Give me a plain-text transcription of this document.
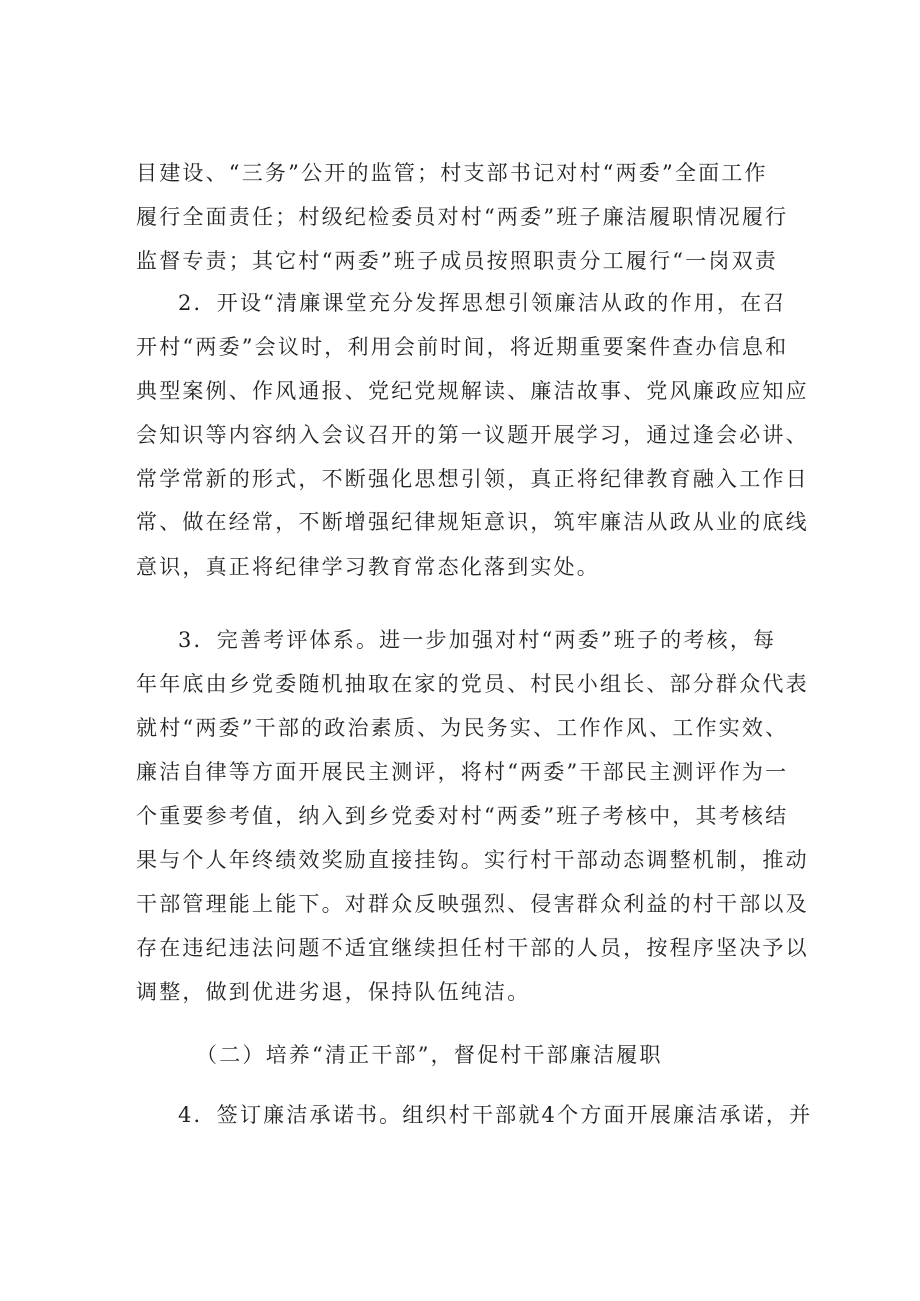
目建设、“三务”公开的监管；村支部书记对村“两委”全面工作
履行全面责任；村级纪检委员对村“两委”班子廉洁履职情况履行
监督专责；其它村“两委”班子成员按照职责分工履行“一岗双责
2．开设“清廉课堂充分发挥思想引领廉洁从政的作用，在召
开村“两委”会议时，利用会前时间，将近期重要案件查办信息和
典型案例、作风通报、党纪党规解读、廉洁故事、党风廉政应知应
会知识等内容纳入会议召开的第一议题开展学习，通过逢会必讲、
常学常新的形式，不断强化思想引领，真正将纪律教育融入工作日
常、做在经常，不断增强纪律规矩意识，筑牢廉洁从政从业的底线
意识，真正将纪律学习教育常态化落到实处。
3．完善考评体系。进一步加强对村“两委”班子的考核，每
年年底由乡党委随机抽取在家的党员、村民小组长、部分群众代表
就村“两委”干部的政治素质、为民务实、工作作风、工作实效、
廉洁自律等方面开展民主测评，将村“两委”干部民主测评作为一
个重要参考值，纳入到乡党委对村“两委”班子考核中，其考核结
果与个人年终绩效奖励直接挂钩。实行村干部动态调整机制，推动
干部管理能上能下。对群众反映强烈、侵害群众利益的村干部以及
存在违纪违法问题不适宜继续担任村干部的人员，按程序坚决予以
调整，做到优进劣退，保持队伍纯洁。
（二）培养“清正干部”，督促村干部廉洁履职
4．签订廉洁承诺书。组织村干部就4个方面开展廉洁承诺，并
